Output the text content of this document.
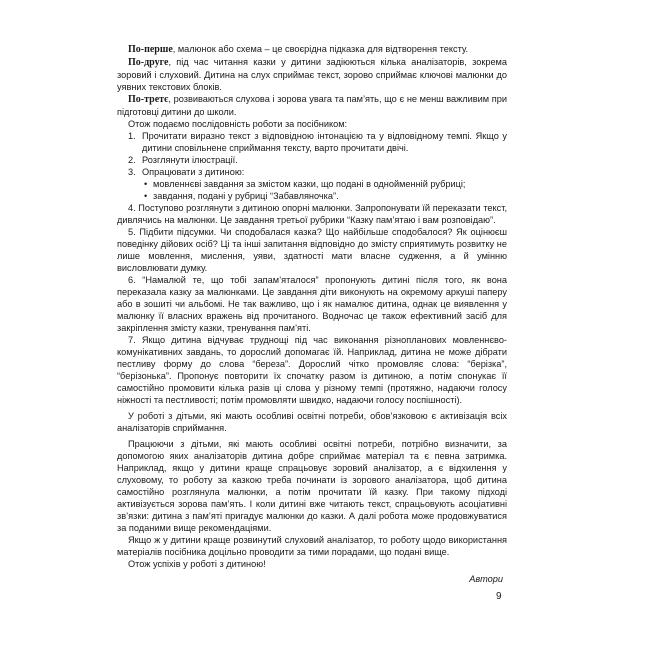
По-перше, малюнок або схема – це своєрідна підказка для відтворення тексту.

По-друге, під час читання казки у дитини задіюються кілька аналізаторів, зокрема зоровий і слуховий. Дитина на слух сприймає текст, зорово сприймає ключові малюнки до уявних текстових блоків.

По-третє, розвиваються слухова і зорова увага та пам’ять, що є не менш важливим при підготовці дитини до школи.

Отож подаємо послідовність роботи за посібником:

1. Прочитати виразно текст з відповідною інтонацією та у відповідному темпі. Якщо у дитини сповільнене сприймання тексту, варто прочитати двічі.
2. Розглянути ілюстрації.
3. Опрацювати з дитиною:
• мовленнєві завдання за змістом казки, що подані в однойменній рубриці;
• завдання, подані у рубриці “Забавляночка”.

4. Поступово розглянути з дитиною опорні малюнки. Запропонувати їй переказати текст, дивлячись на малюнки. Це завдання третьої рубрики “Казку пам’ятаю і вам розповідаю”.

5. Підбити підсумки. Чи сподобалася казка? Що найбільше сподобалося? Як оцінюєш поведінку дійових осіб? Ці та інші запитання відповідно до змісту сприятимуть розвитку не лише мовлення, мислення, уяви, здатності мати власне судження, а й умінню висловлювати думку.

6. “Намалюй те, що тобі запам’яталося” пропонують дитині після того, як вона переказала казку за малюнками. Це завдання діти виконують на окремому аркуші паперу або в зошиті чи альбомі. Не так важливо, що і як намалює дитина, однак це виявлення у малюнку її власних вражень від прочитаного. Водночас це також ефективний засіб для закріплення змісту казки, тренування пам’яті.

7. Якщо дитина відчуває труднощі під час виконання різнопланових мовленнєво-комунікативних завдань, то дорослий допомагає їй. Наприклад, дитина не може дібрати пестливу форму до слова “береза”. Дорослий чітко промовляє слова: “берізка”, “берізонька”. Пропонує повторити їх спочатку разом із дитиною, а потім спонукає її самостійно промовити кілька разів ці слова у різному темпі (протяжно, надаючи голосу ніжності та пестливості; потім промовляти швидко, надаючи голосу поспішності).

У роботі з дітьми, які мають особливі освітні потреби, обов’язковою є активізація всіх аналізаторів сприймання.

Працюючи з дітьми, які мають особливі освітні потреби, потрібно визначити, за допомогою яких аналізаторів дитина добре сприймає матеріал та є певна затримка. Наприклад, якщо у дитини краще спрацьовує зоровий аналізатор, а є відхилення у слуховому, то роботу за казкою треба починати із зорового аналізатора, щоб дитина самостійно розглянула малюнки, а потім прочитати їй казку. При такому підході активізується зорова пам’ять. І коли дитині вже читають текст, спрацьовують асоціативні зв’язки: дитина з пам’яті пригадує малюнки до казки. А далі робота може продовжуватися за поданими вище рекомендаціями.

Якщо ж у дитини краще розвинутий слуховий аналізатор, то роботу щодо використання матеріалів посібника доцільно проводити за тими порадами, що подані вище.

Отож успіхів у роботі з дитиною!

Автори

9
